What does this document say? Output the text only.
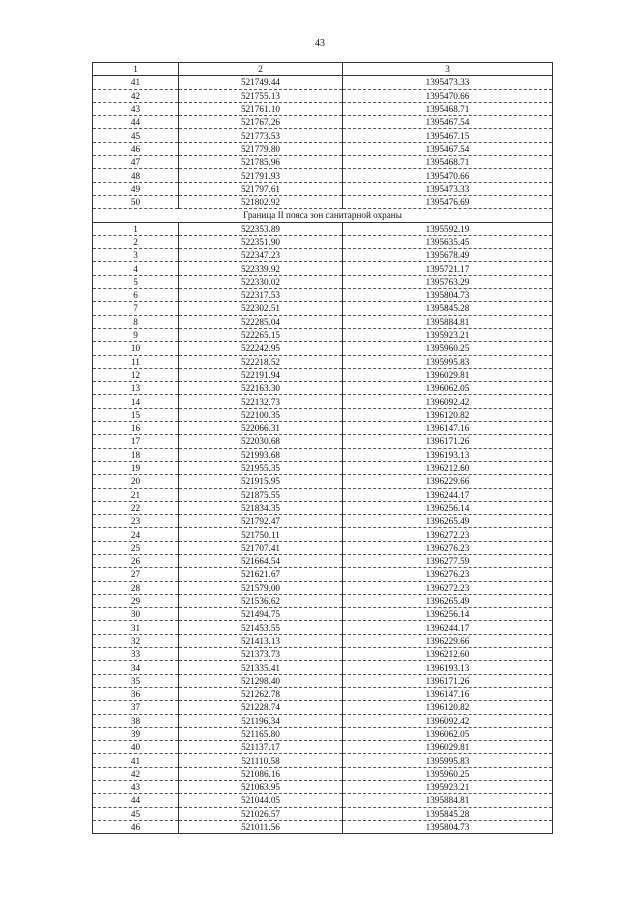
43
1	2	3
41	521749.44	1395473.33
42	521755.13	1395470.66
43	521761.10	1395468.71
44	521767.26	1395467.54
45	521773.53	1395467.15
46	521779.80	1395467.54
47	521785.96	1395468.71
48	521791.93	1395470.66
49	521797.61	1395473.33
50	521802.92	1395476.69
Граница II пояса зон санитарной охраны		
1	522353.89	1395592.19
2	522351.90	1395635.45
3	522347.23	1395678.49
4	522339.92	1395721.17
5	522330.02	1395763.29
6	522317.53	1395804.73
7	522302.51	1395845.28
8	522285.04	1395884.81
9	522265.15	1395923.21
10	522242.95	1395960.25
11	522218.52	1395995.83
12	522191.94	1396029.81
13	522163.30	1396062.05
14	522132.73	1396092.42
15	522100.35	1396120.82
16	522066.31	1396147.16
17	522030.68	1396171.26
18	521993.68	1396193.13
19	521955.35	1396212.60
20	521915.95	1396229.66
21	521875.55	1396244.17
22	521834.35	1396256.14
23	521792.47	1396265.49
24	521750.11	1396272.23
25	521707.41	1396276.23
26	521664.54	1396277.59
27	521621.67	1396276.23
28	521579.00	1396272.23
29	521536.62	1396265.49
30	521494.75	1396256.14
31	521453.55	1396244.17
32	521413.13	1396229.66
33	521373.73	1396212.60
34	521335.41	1396193.13
35	521298.40	1396171.26
36	521262.78	1396147.16
37	521228.74	1396120.82
38	521196.34	1396092.42
39	521165.80	1396062.05
40	521137.17	1396029.81
41	521110.58	1395995.83
42	521086.16	1395960.25
43	521063.95	1395923.21
44	521044.05	1395884.81
45	521026.57	1395845.28
46	521011.56	1395804.73
